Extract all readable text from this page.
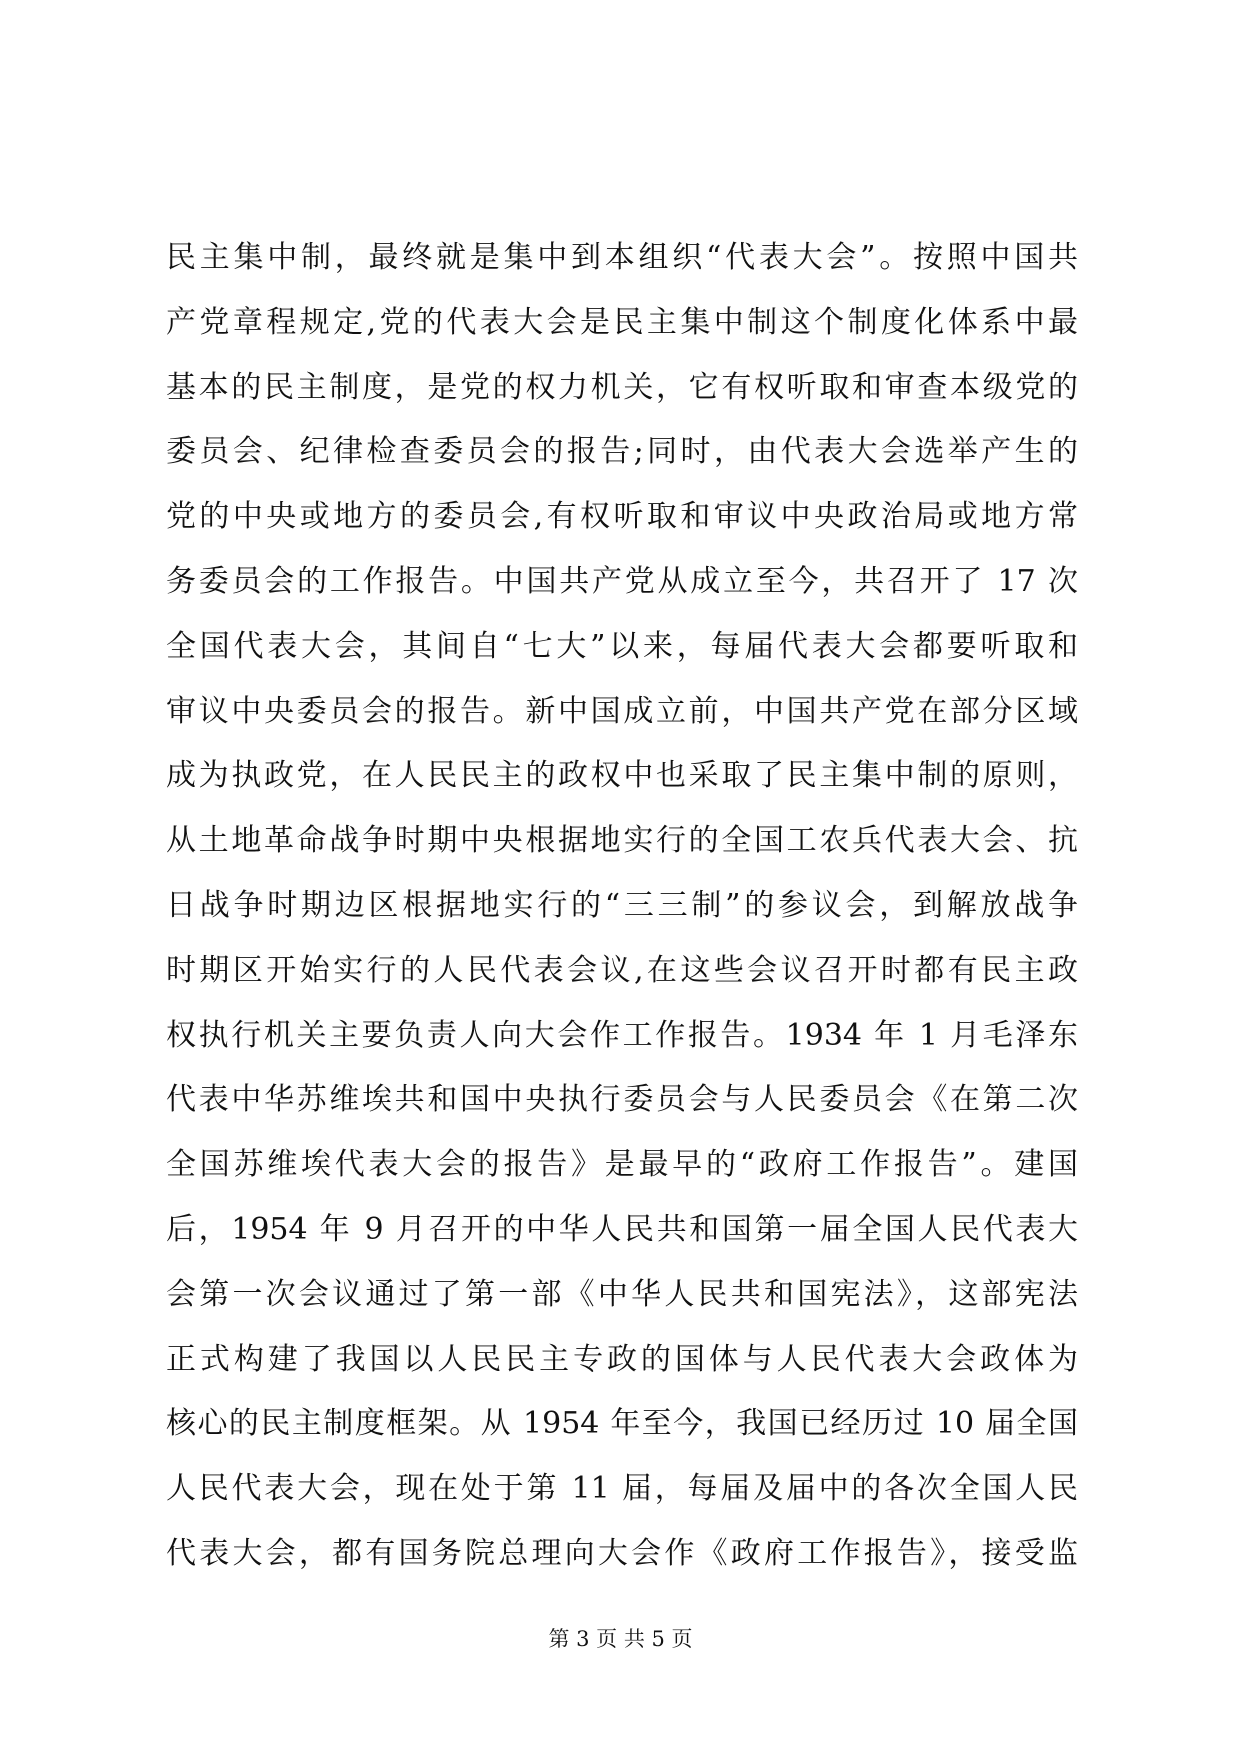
民主集中制，最终就是集中到本组织“代表大会”。按照中国共
产党章程规定,党的代表大会是民主集中制这个制度化体系中最
基本的民主制度，是党的权力机关，它有权听取和审查本级党的
委员会、纪律检查委员会的报告;同时，由代表大会选举产生的
党的中央或地方的委员会,有权听取和审议中央政治局或地方常
务委员会的工作报告。中国共产党从成立至今，共召开了 17 次
全国代表大会，其间自“七大”以来，每届代表大会都要听取和
审议中央委员会的报告。新中国成立前，中国共产党在部分区域
成为执政党，在人民民主的政权中也采取了民主集中制的原则，
从土地革命战争时期中央根据地实行的全国工农兵代表大会、抗
日战争时期边区根据地实行的“三三制”的参议会，到解放战争
时期区开始实行的人民代表会议,在这些会议召开时都有民主政
权执行机关主要负责人向大会作工作报告。1934 年 1 月毛泽东
代表中华苏维埃共和国中央执行委员会与人民委员会《在第二次
全国苏维埃代表大会的报告》是最早的“政府工作报告”。建国
后，1954 年 9 月召开的中华人民共和国第一届全国人民代表大
会第一次会议通过了第一部《中华人民共和国宪法》，这部宪法
正式构建了我国以人民民主专政的国体与人民代表大会政体为
核心的民主制度框架。从 1954 年至今，我国已经历过 10 届全国
人民代表大会，现在处于第 11 届，每届及届中的各次全国人民
代表大会，都有国务院总理向大会作《政府工作报告》，接受监
第 3 页 共 5 页
